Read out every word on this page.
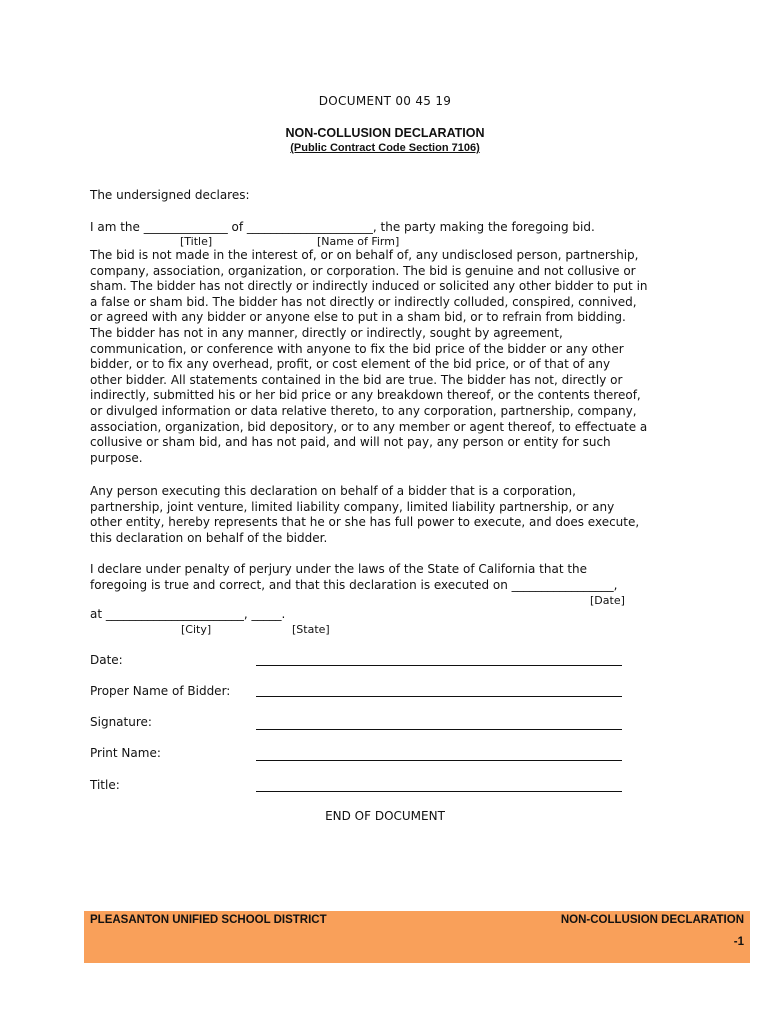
DOCUMENT 00 45 19
NON-COLLUSION DECLARATION
(Public Contract Code Section 7106)
The undersigned declares:
I am the ______________ of _____________________, the party making the foregoing bid.
[Title]	[Name of Firm]
The bid is not made in the interest of, or on behalf of, any undisclosed person, partnership,
company, association, organization, or corporation. The bid is genuine and not collusive or
sham. The bidder has not directly or indirectly induced or solicited any other bidder to put in
a false or sham bid. The bidder has not directly or indirectly colluded, conspired, connived,
or agreed with any bidder or anyone else to put in a sham bid, or to refrain from bidding.
The bidder has not in any manner, directly or indirectly, sought by agreement,
communication, or conference with anyone to fix the bid price of the bidder or any other
bidder, or to fix any overhead, profit, or cost element of the bid price, or of that of any
other bidder. All statements contained in the bid are true. The bidder has not, directly or
indirectly, submitted his or her bid price or any breakdown thereof, or the contents thereof,
or divulged information or data relative thereto, to any corporation, partnership, company,
association, organization, bid depository, or to any member or agent thereof, to effectuate a
collusive or sham bid, and has not paid, and will not pay, any person or entity for such
purpose.
Any person executing this declaration on behalf of a bidder that is a corporation,
partnership, joint venture, limited liability company, limited liability partnership, or any
other entity, hereby represents that he or she has full power to execute, and does execute,
this declaration on behalf of the bidder.
I declare under penalty of perjury under the laws of the State of California that the
foregoing is true and correct, and that this declaration is executed on _________________,
[Date]
at _______________________, _____.
[City]	[State]
Date:
Proper Name of Bidder:
Signature:
Print Name:
Title:
END OF DOCUMENT
PLEASANTON UNIFIED SCHOOL DISTRICT	NON-COLLUSION DECLARATION
-1
